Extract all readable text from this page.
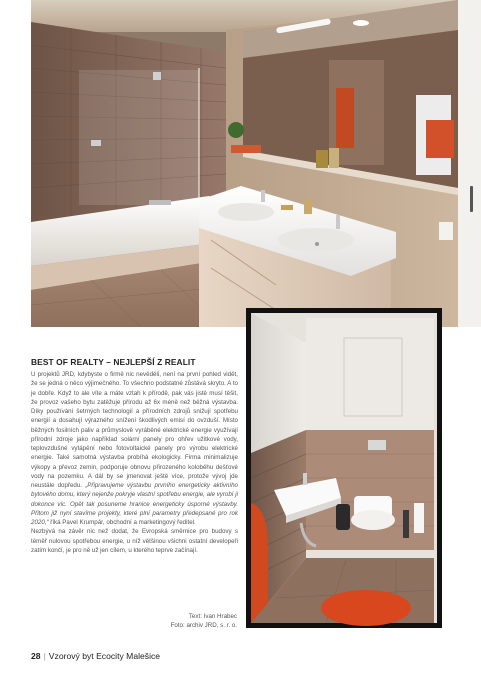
BEST OF REALTY – NEJLEPŠÍ Z REALIT

U projektů JRD, kdybyste o firmě nic nevěděli, není na první pohled vidět, že se jedná o něco výjimečného. To všechno podstatné zůstává skryto. A to je dobře. Když to ale víte a máte vztah k přírodě, pak vás jistě musí těšit, že provoz vašeho bytu zatěžuje přírodu až 6x méně než běžná výstavba. Díky používání šetrných technologií a přírodních zdrojů snižují spotřebu energií a dosahují výrazného snížení škodlivých emisí do ovzduší. Místo běžných fosilních paliv a průmyslově vyráběné elektrické energie využívají přírodní zdroje jako například solární panely pro ohřev užitkové vody, teplovzdušné vytápění nebo fotovoltaické panely pro výrobu elektrické energie. Také samotná výstavba probíhá ekologicky. Firma minimalizuje výkopy a převoz zemin, podporuje obnovu přirozeného koloběhu dešťové vody na pozemku. A dál by se jmenovat ještě více, protože vývoj jde neustále dopředu. „Připravujeme výstavbu prvního energeticky aktivního bytového domu, který nejenže pokryje vlastní spotřebu energie, ale vyrobí ji dokonce víc. Opět tak posuneme hranice energeticky úsporné výstavby. Přitom již nyní stavíme projekty, které plní parametry předepsané pro rok 2020,“ říká Pavel Krumpár, obchodní a marketingový ředitel.

Nezbývá na závěr nic než dodat, že Evropská směrnice pro budovy s téměř nulovou spotřebou energie, u níž většinou všichni ostatní developeři zatím končí, je pro ně už jen cílem, u kterého teprve začínají.

Text: Ivan Hrabec
Foto: archiv JRD, s. r. o.
28 | Vzorový byt Ecocity Malešice
